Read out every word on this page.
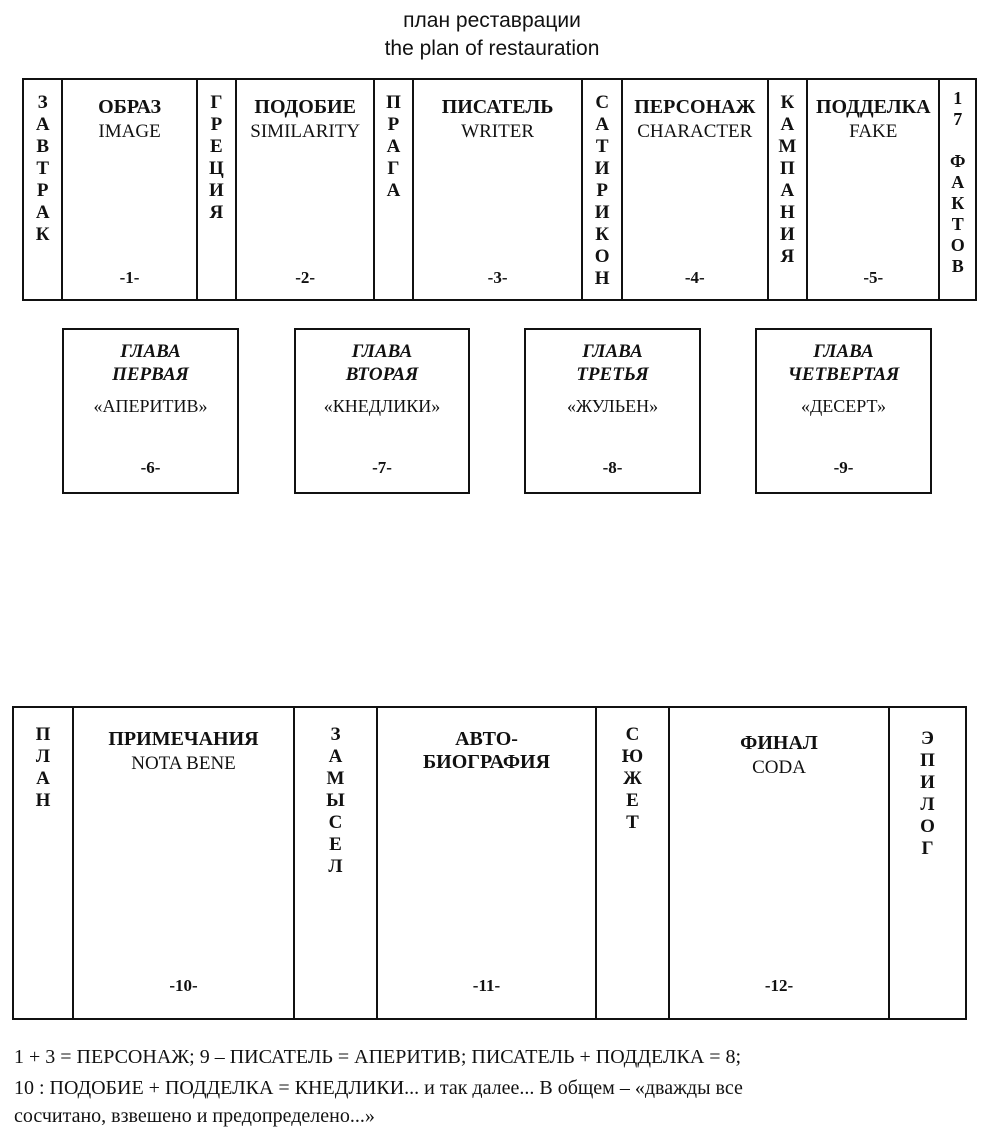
план реставрации
the plan of restauration
З
А
В
Т
Р
А
К
ОБРАЗ
IMAGE
-1-
Г
Р
Е
Ц
И
Я
ПОДОБИЕ
SIMILARITY
-2-
П
Р
А
Г
А
ПИСАТЕЛЬ
WRITER
-3-
С
А
Т
И
Р
И
К
О
Н
ПЕРСОНАЖ
CHARACTER
-4-
К
А
М
П
А
Н
И
Я
ПОДДЕЛКА
FAKE
-5-
1
7

Ф
А
К
Т
О
В
ГЛАВА
ПЕРВАЯ
«АПЕРИТИВ»
-6-
ГЛАВА
ВТОРАЯ
«КНЕДЛИКИ»
-7-
ГЛАВА
ТРЕТЬЯ
«ЖУЛЬЕН»
-8-
ГЛАВА
ЧЕТВЕРТАЯ
«ДЕСЕРТ»
-9-
П
Л
А
Н
ПРИМЕЧАНИЯ
NOTA BENE
-10-
З
А
М
Ы
С
Е
Л
АВТО-
БИОГРАФИЯ
-11-
С
Ю
Ж
Е
Т
ФИНАЛ
CODA
-12-
Э
П
И
Л
О
Г
1 + 3 = ПЕРСОНАЖ; 9 – ПИСАТЕЛЬ = АПЕРИТИВ; ПИСАТЕЛЬ + ПОДДЕЛКА = 8;
10 : ПОДОБИЕ + ПОДДЕЛКА = КНЕДЛИКИ... и так далее... В общем – «дважды все
сосчитано, взвешено и предопределено...»
